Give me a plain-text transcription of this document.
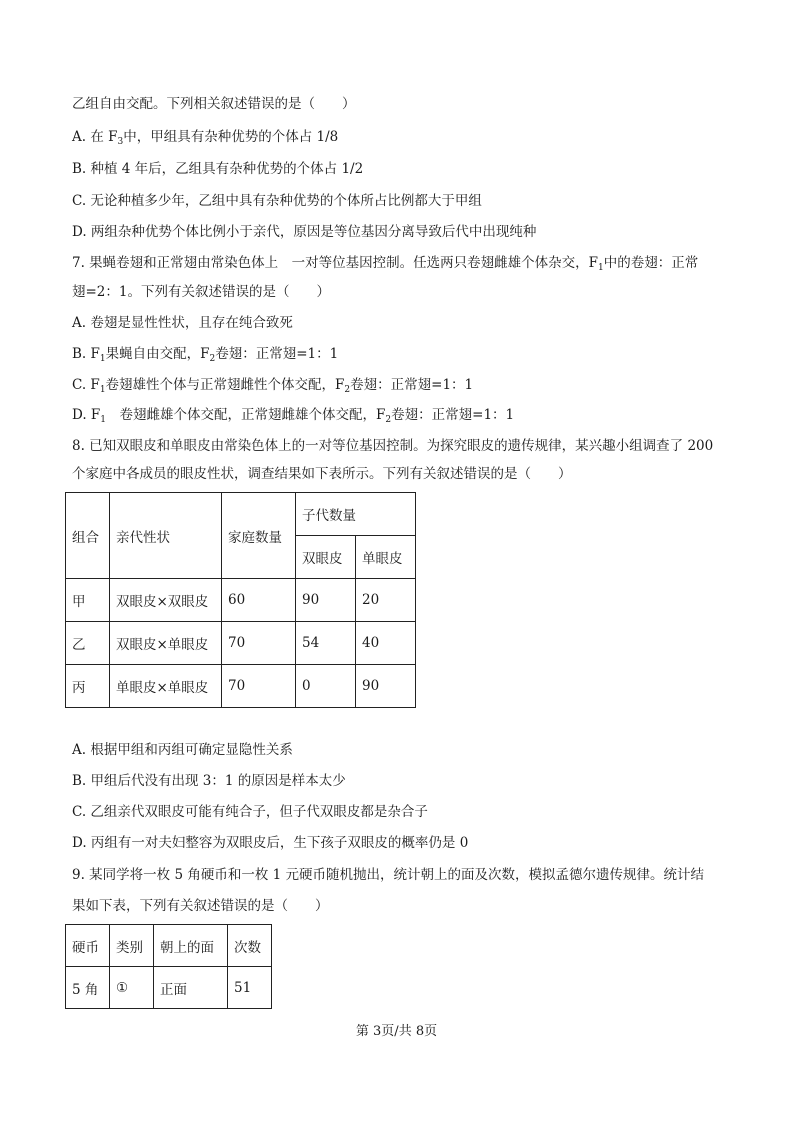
乙组自由交配。下列相关叙述错误的是（　　）
A. 在 $F_3$中，甲组具有杂种优势的个体占 1/8
B. 种植 4 年后，乙组具有杂种优势的个体占 1/2
C. 无论种植多少年，乙组中具有杂种优势的个体所占比例都大于甲组
D. 两组杂种优势个体比例小于亲代，原因是等位基因分离导致后代中出现纯种
7. 果蝇卷翅和正常翅由常染色体上　一对等位基因控制。任选两只卷翅雌雄个体杂交，$F_1$中的卷翅：正常
翅=2：1。下列有关叙述错误的是（　　）
A. 卷翅是显性性状，且存在纯合致死
B. $F_1$果蝇自由交配，$F_2$卷翅：正常翅=1：1
C. $F_1$卷翅雄性个体与正常翅雌性个体交配，$F_2$卷翅：正常翅=1：1
D. $F_1$　卷翅雌雄个体交配，正常翅雌雄个体交配，$F_2$卷翅：正常翅=1：1
8. 已知双眼皮和单眼皮由常染色体上的一对等位基因控制。为探究眼皮的遗传规律，某兴趣小组调查了 200
个家庭中各成员的眼皮性状，调查结果如下表所示。下列有关叙述错误的是（　　）
组合	亲代性状	家庭数量	子代数量	
			双眼皮	单眼皮
甲	双眼皮×双眼皮	60	90	20
乙	双眼皮×单眼皮	70	54	40
丙	单眼皮×单眼皮	70	0	90
A. 根据甲组和丙组可确定显隐性关系
B. 甲组后代没有出现 3：1 的原因是样本太少
C. 乙组亲代双眼皮可能有纯合子，但子代双眼皮都是杂合子
D. 丙组有一对夫妇整容为双眼皮后，生下孩子双眼皮的概率仍是 0
9. 某同学将一枚 5 角硬币和一枚 1 元硬币随机抛出，统计朝上的面及次数，模拟孟德尔遗传规律。统计结
果如下表，下列有关叙述错误的是（　　）
硬币	类别	朝上的面	次数
5 角	①	正面	51
第 3页/共 8页
